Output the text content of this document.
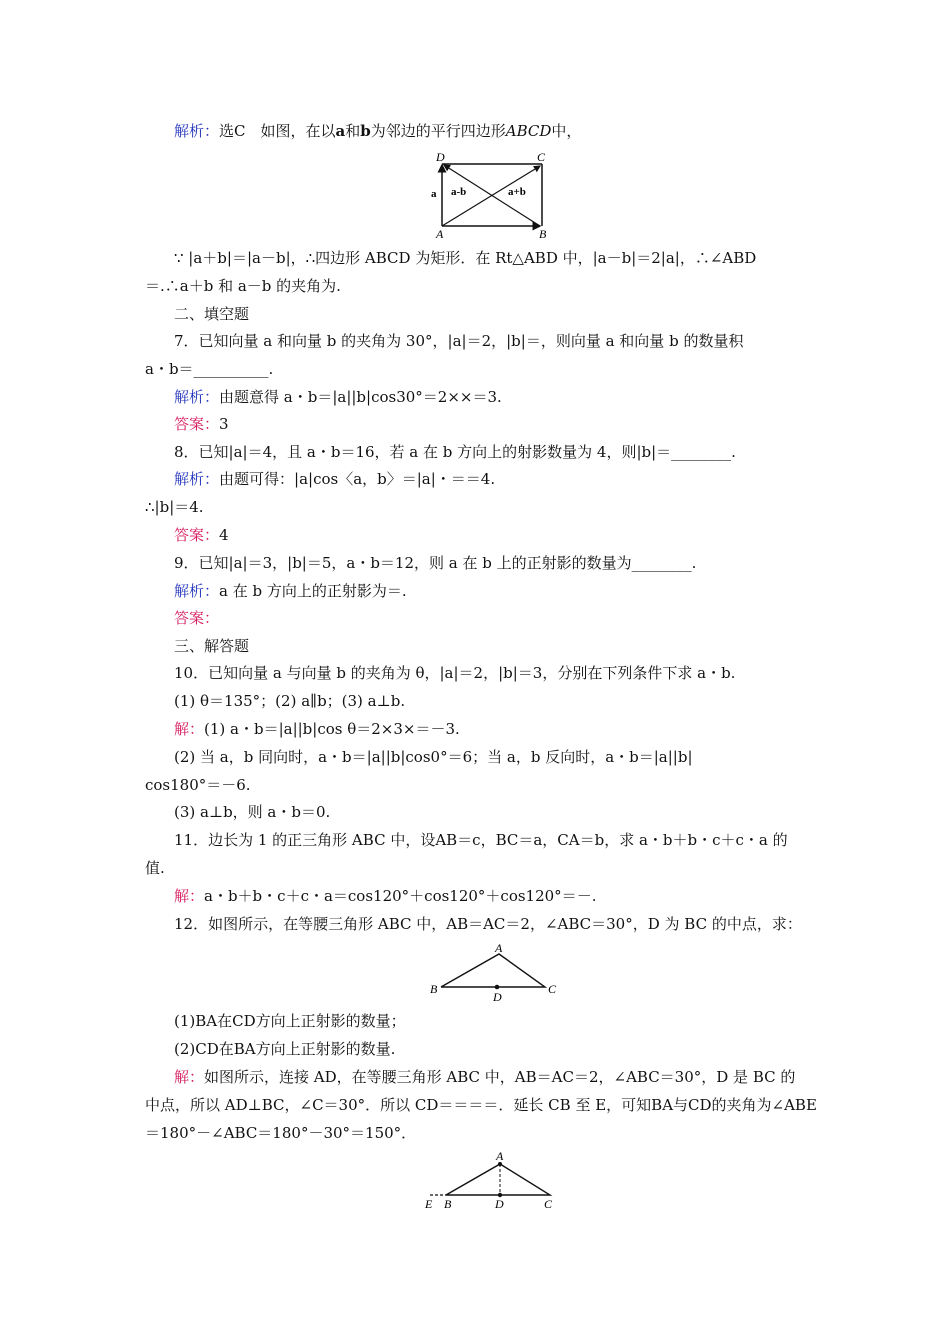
解析：选C　如图，在以a和b为邻边的平行四边形ABCD中，
D	C
A	B
a a-b	a+b
∵ |a＋b|＝|a－b|，∴四边形 ABCD 为矩形．在 Rt△ABD 中，|a－b|＝2|a|，∴∠ABD
＝.∴a＋b 和 a－b 的夹角为.
二、填空题
7．已知向量 a 和向量 b 的夹角为 30°，|a|＝2，|b|＝，则向量 a 和向量 b 的数量积
a・b＝__________.
解析：由题意得 a・b＝|a||b|cos30°＝2××＝3.
答案：3
8．已知|a|＝4，且 a・b＝16，若 a 在 b 方向上的射影数量为 4，则|b|＝________.
解析：由题可得：|a|cos〈a，b〉＝|a|・＝＝4.
∴|b|＝4.
答案：4
9．已知|a|＝3，|b|＝5，a・b＝12，则 a 在 b 上的正射影的数量为________.
解析：a 在 b 方向上的正射影为＝.
答案：
三、解答题
10．已知向量 a 与向量 b 的夹角为 θ，|a|＝2，|b|＝3，分别在下列条件下求 a・b.
(1) θ＝135°；(2) a∥b；(3) a⊥b.
解：(1) a・b＝|a||b|cos θ＝2×3×＝－3.
(2) 当 a，b 同向时，a・b＝|a||b|cos0°＝6；当 a，b 反向时，a・b＝|a||b|
cos180°＝－6.
(3) a⊥b，则 a・b＝0.
11．边长为 1 的正三角形 ABC 中，设AB＝c，BC＝a，CA＝b，求 a・b＋b・c＋c・a 的
值.
解：a・b＋b・c＋c・a＝cos120°＋cos120°＋cos120°＝－.
12．如图所示，在等腰三角形 ABC 中，AB＝AC＝2，∠ABC＝30°，D 为 BC 的中点，求：
A
B	C
D
(1)BA在CD方向上正射影的数量；
(2)CD在BA方向上正射影的数量.
解：如图所示，连接 AD，在等腰三角形 ABC 中，AB＝AC＝2，∠ABC＝30°，D 是 BC 的
中点，所以 AD⊥BC，∠C＝30°．所以 CD＝＝＝＝．延长 CB 至 E，可知BA与CD的夹角为∠ABE
＝180°－∠ABC＝180°－30°＝150°．
A
E B	D	C
